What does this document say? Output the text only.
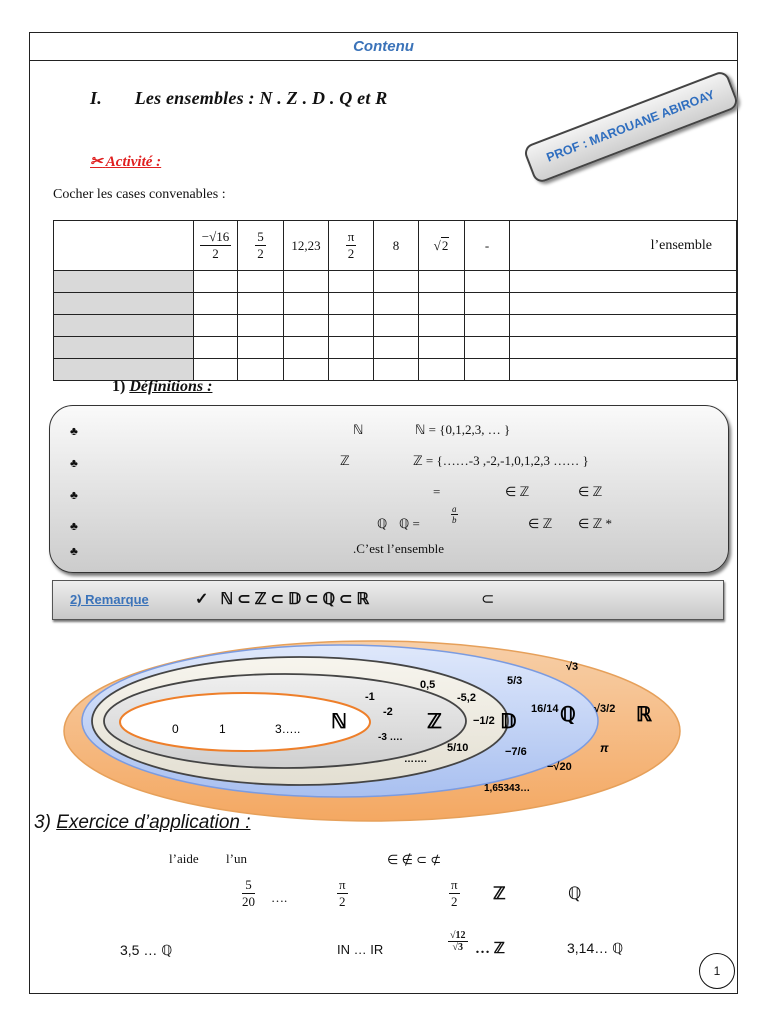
Contenu
I. Les ensembles : N . Z . D . Q et R	PROF : MAROUANE ABIROAY
✂︎ Activité :
Cocher les cases convenables :

	$\frac{-√16}{2}$	$\frac{5}{2}$	12,23	$\frac{\pi}{2}$	8	√2	-	l’ensemble

1) Définitions :
♣	ℕ	ℕ = {0,1,2,3, … }
♣	ℤ	ℤ = {……-3 ,-2,-1,0,1,2,3 …… }
♣	=	∈ ℤ	∈ ℤ
♣	ℚ ℚ =
a
b	∈ ℤ ∈ ℤ *
♣	.C’est l’ensemble
2) Remarque	✓ ℕ ⊂ ℤ ⊂ 𝔻 ⊂ ℚ ⊂ ℝ	⊂
0	1	3….. ℕ
-1
-2
-3 ….
…….
ℤ
0,5
-5,2
−1/2
5/10	−7/6
𝔻
5/3
16/14	√3/2
−√20
ℚ
√3
π
1,65343…
ℝ
3) Exercice d’application :
l’aide l’un	∈ ∉ ⊂ ⊄
$\frac{5}{20}$ ….	$\frac{\pi}{2}$	$\frac{\pi}{2}$ ℤ	ℚ
3,5 … ℚ	IN … IR	$\frac{√12}{√3}$ … ℤ	3,14… ℚ
1
